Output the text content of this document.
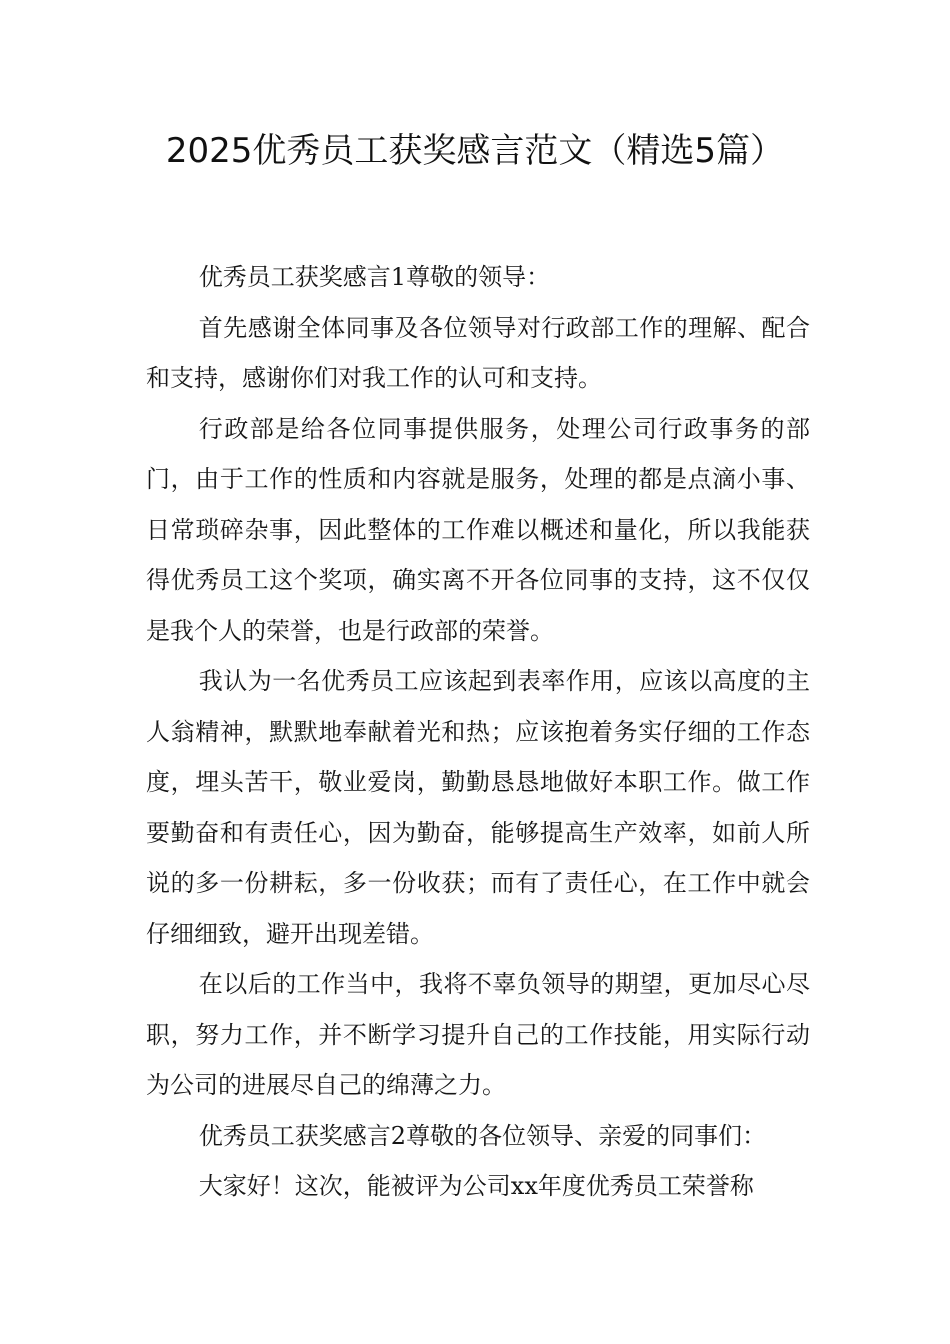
2025优秀员工获奖感言范文（精选5篇）

优秀员工获奖感言1尊敬的领导：

首先感谢全体同事及各位领导对行政部工作的理解、配合和支持，感谢你们对我工作的认可和支持。

行政部是给各位同事提供服务，处理公司行政事务的部门，由于工作的性质和内容就是服务，处理的都是点滴小事、日常琐碎杂事，因此整体的工作难以概述和量化，所以我能获得优秀员工这个奖项，确实离不开各位同事的支持，这不仅仅是我个人的荣誉，也是行政部的荣誉。

我认为一名优秀员工应该起到表率作用，应该以高度的主人翁精神，默默地奉献着光和热；应该抱着务实仔细的工作态度，埋头苦干，敬业爱岗，勤勤恳恳地做好本职工作。做工作要勤奋和有责任心，因为勤奋，能够提高生产效率，如前人所说的多一份耕耘，多一份收获；而有了责任心，在工作中就会仔细细致，避开出现差错。

在以后的工作当中，我将不辜负领导的期望，更加尽心尽职，努力工作，并不断学习提升自己的工作技能，用实际行动为公司的进展尽自己的绵薄之力。

优秀员工获奖感言2尊敬的各位领导、亲爱的同事们：

大家好！这次，能被评为公司xx年度优秀员工荣誉称
